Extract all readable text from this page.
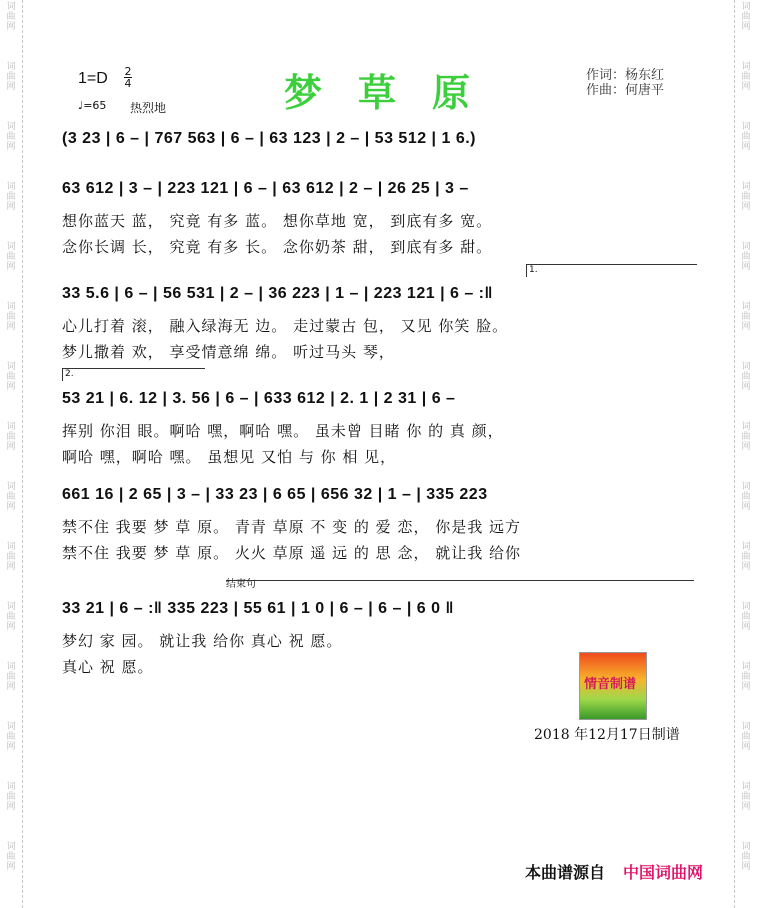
词
曲
网
词
曲
网
词
曲
网
词
曲
网
词
曲
网
词
曲
网
词
曲
网
词
曲
网
词
曲
网
词
曲
网
词
曲
网
词
曲
网
词
曲
网
词
曲
网
词
曲
网
词
曲
网
词
曲
网
词
曲
网
词
曲
网
词
曲
网
词
曲
网
词
曲
网
词
曲
网
词
曲
网
词
曲
网
词
曲
网
词
曲
网
词
曲
网
词
曲
网
词
曲
网
1=D 2
4
♩=65 热烈地	梦草原	作词：杨东红
作曲：何唐平
(3 23 | 6 – | 767 563 | 6 – | 63 123 | 2 – | 53 512 | 1 6.)
63 612 | 3 – | 223 121 | 6 – | 63 612 | 2 – | 26 25 | 3 –
想你蓝天 蓝， 究竟 有多 蓝。 想你草地 宽， 到底有多 宽。
念你长调 长， 究竟 有多 长。 念你奶茶 甜， 到底有多 甜。
33 5.6 | 6 – | 56 531 | 2 – | 36 223 | 1 – | 223 121 | 6 – :‖
心儿打着 滚， 融入绿海无 边。 走过蒙古 包， 又见 你笑 脸。
梦儿撒着 欢， 享受情意绵 绵。 听过马头 琴，
53 21 | 6. 12 | 3. 56 | 6 – | 633 612 | 2. 1 | 2 31 | 6 –
挥别 你泪 眼。啊哈 嘿，啊哈 嘿。 虽未曾 目睹 你 的 真 颜，
啊哈 嘿，啊哈 嘿。 虽想见 又怕 与 你 相 见，
661 16 | 2 65 | 3 – | 33 23 | 6 65 | 656 32 | 1 – | 335 223
禁不住 我要 梦 草 原。 青青 草原 不 变 的 爱 恋， 你是我 远方
禁不住 我要 梦 草 原。 火火 草原 遥 远 的 思 念， 就让我 给你
33 21 | 6 – :‖ 335 223 | 55 61 | 1 0 | 6 – | 6 – | 6 0 ‖
梦幻 家 园。 就让我 给你 真心 祝 愿。
真心 祝 愿。
1.
2.
结束句
情音制谱
2018 年12月17日制谱
本曲谱源自 中国词曲网
